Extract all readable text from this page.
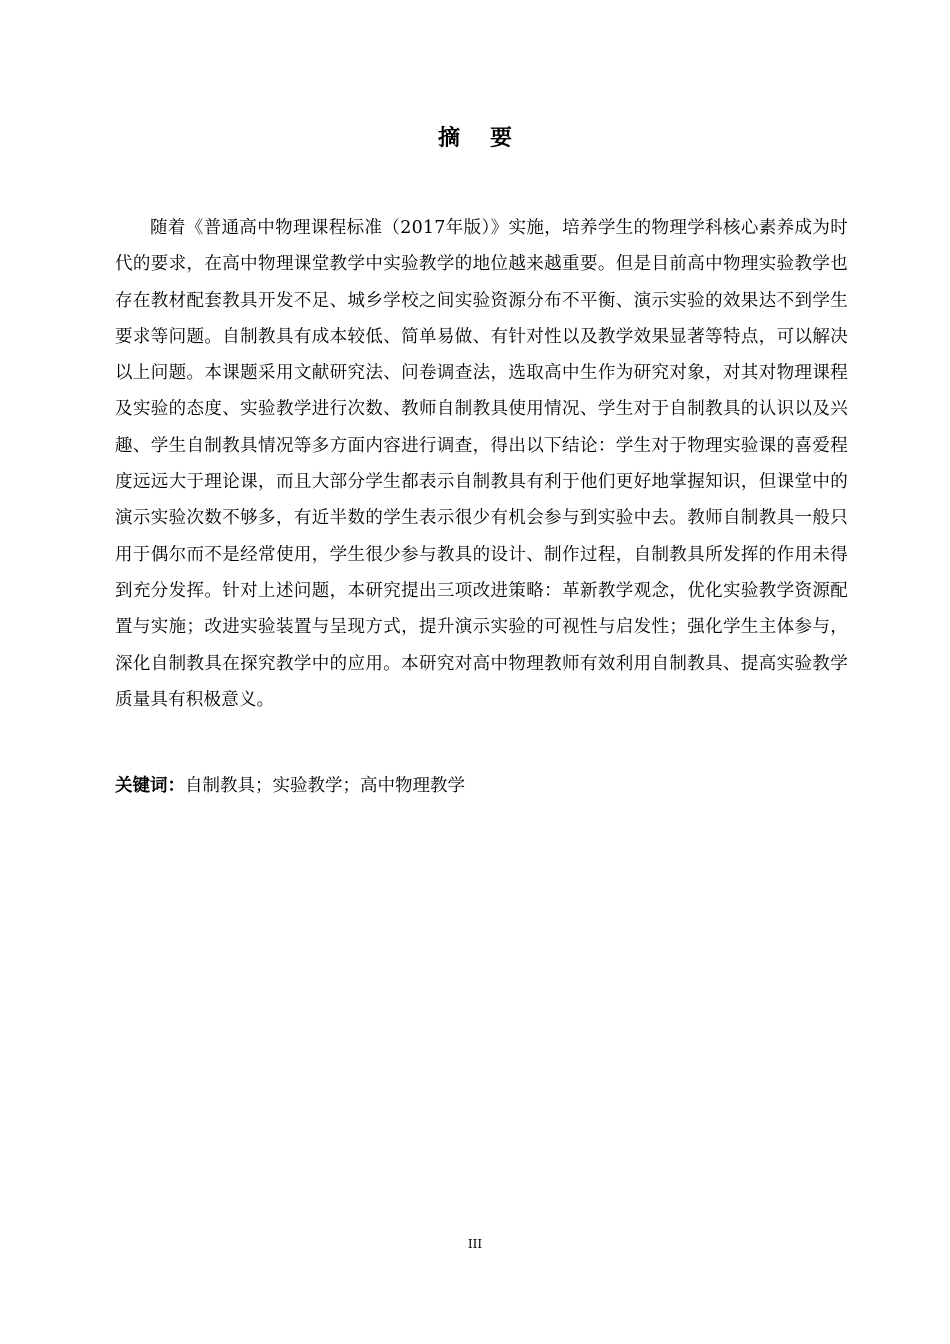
摘 要

随着《普通高中物理课程标准（2017年版）》实施，培养学生的物理学科核心素养成为时代的要求，在高中物理课堂教学中实验教学的地位越来越重要。但是目前高中物理实验教学也存在教材配套教具开发不足、城乡学校之间实验资源分布不平衡、演示实验的效果达不到学生要求等问题。自制教具有成本较低、简单易做、有针对性以及教学效果显著等特点，可以解决以上问题。本课题采用文献研究法、问卷调查法，选取高中生作为研究对象，对其对物理课程及实验的态度、实验教学进行次数、教师自制教具使用情况、学生对于自制教具的认识以及兴趣、学生自制教具情况等多方面内容进行调查，得出以下结论：学生对于物理实验课的喜爱程度远远大于理论课，而且大部分学生都表示自制教具有利于他们更好地掌握知识，但课堂中的演示实验次数不够多，有近半数的学生表示很少有机会参与到实验中去。教师自制教具一般只用于偶尔而不是经常使用，学生很少参与教具的设计、制作过程，自制教具所发挥的作用未得到充分发挥。针对上述问题，本研究提出三项改进策略：革新教学观念，优化实验教学资源配置与实施；改进实验装置与呈现方式，提升演示实验的可视性与启发性；强化学生主体参与，深化自制教具在探究教学中的应用。本研究对高中物理教师有效利用自制教具、提高实验教学质量具有积极意义。

关键词：自制教具；实验教学；高中物理教学
III
